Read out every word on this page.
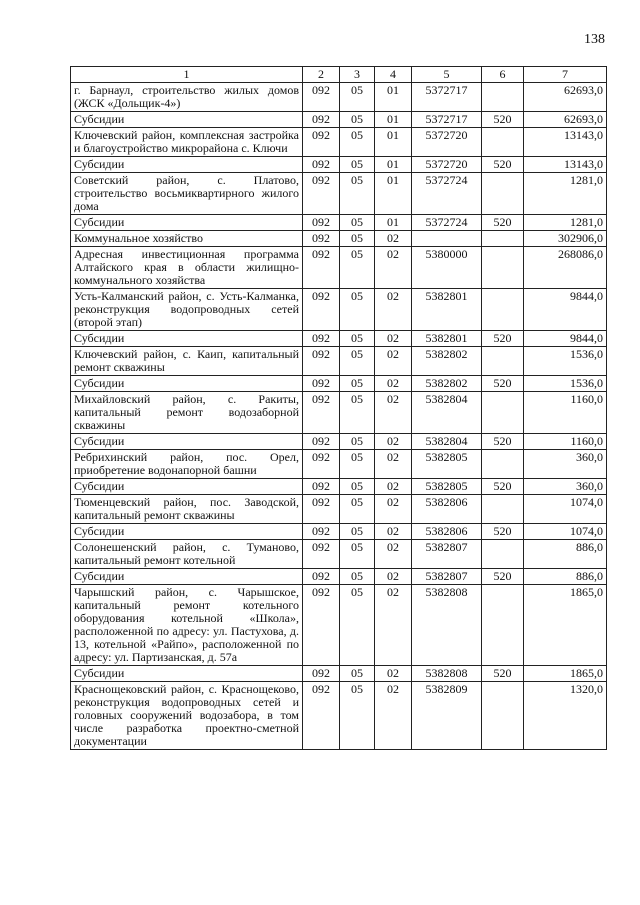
138
1	2	3	4	5	6	7
г. Барнаул, строительство жилых домов (ЖСК «Дольщик-4»)	092	05	01	5372717		62693,0
Субсидии	092	05	01	5372717	520	62693,0
Ключевский район, комплексная застройка и благоустройство микрорайона с. Ключи	092	05	01	5372720		13143,0
Субсидии	092	05	01	5372720	520	13143,0
Советский район, с. Платово, строительство восьмиквартирного жилого дома	092	05	01	5372724		1281,0
Субсидии	092	05	01	5372724	520	1281,0
Коммунальное хозяйство	092	05	02			302906,0
Адресная инвестиционная программа Алтайского края в области жилищно-коммунального хозяйства	092	05	02	5380000		268086,0
Усть-Калманский район, с. Усть-Калманка, реконструкция водопроводных сетей (второй этап)	092	05	02	5382801		9844,0
Субсидии	092	05	02	5382801	520	9844,0
Ключевский район, с. Каип, капитальный ремонт скважины	092	05	02	5382802		1536,0
Субсидии	092	05	02	5382802	520	1536,0
Михайловский район, с. Ракиты, капитальный ремонт водозаборной скважины	092	05	02	5382804		1160,0
Субсидии	092	05	02	5382804	520	1160,0
Ребрихинский район, пос. Орел, приобретение водонапорной башни	092	05	02	5382805		360,0
Субсидии	092	05	02	5382805	520	360,0
Тюменцевский район, пос. Заводской, капитальный ремонт скважины	092	05	02	5382806		1074,0
Субсидии	092	05	02	5382806	520	1074,0
Солонешенский район, с. Туманово, капитальный ремонт котельной	092	05	02	5382807		886,0
Субсидии	092	05	02	5382807	520	886,0
Чарышский район, с. Чарышское, капитальный ремонт котельного оборудования котельной «Школа», расположенной по адресу: ул. Пастухова, д. 13, котельной «Райпо», расположенной по адресу: ул. Партизанская, д. 57а	092	05	02	5382808		1865,0
Субсидии	092	05	02	5382808	520	1865,0
Краснощековский район, с. Краснощеково, реконструкция водопроводных сетей и головных сооружений водозабора, в том числе разработка проектно-сметной документации	092	05	02	5382809		1320,0
